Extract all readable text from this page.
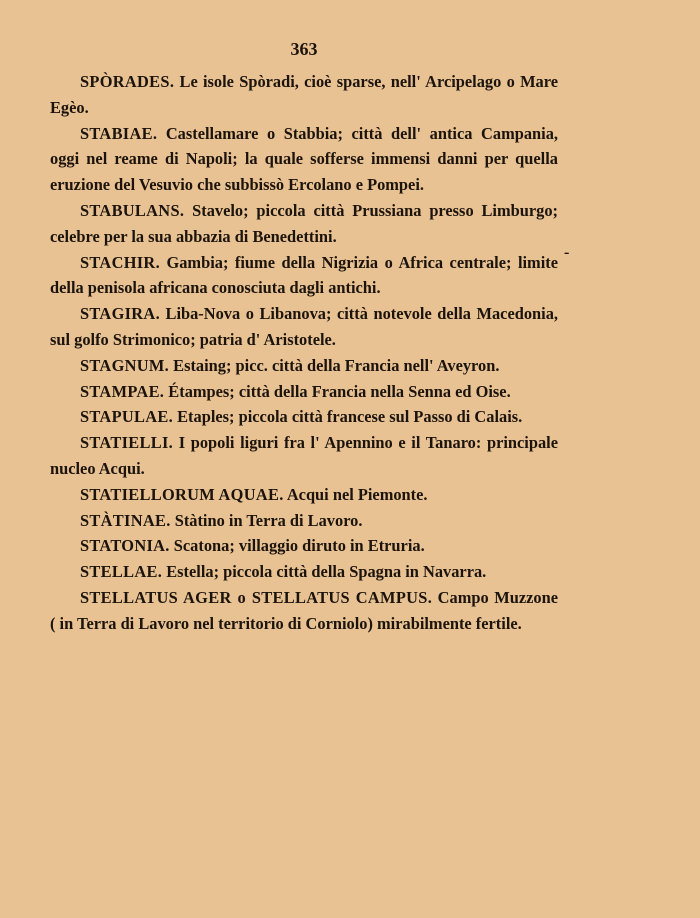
363

SPÒRADES. Le isole Spòradi, cioè sparse, nell' Arcipelago o Mare Egèo.

STABIAE. Castellamare o Stabbia; città dell' antica Campania, oggi nel reame di Napoli; la quale sofferse immensi danni per quella eruzione del Vesuvio che subbissò Ercolano e Pompei.

STABULANS. Stavelo; piccola città Prussiana presso Limburgo; celebre per la sua abbazia di Benedettini.

STACHIR. Gambia; fiume della Nigrizia o Africa centrale; limite della penisola africana conosciuta dagli antichi.

STAGIRA. Liba-Nova o Libanova; città notevole della Macedonia, sul golfo Strimonico; patria d' Aristotele.

STAGNUM. Estaing; picc. città della Francia nell' Aveyron.

STAMPAE. Étampes; città della Francia nella Senna ed Oise.

STAPULAE. Etaples; piccola città francese sul Passo di Calais.

STATIELLI. I popoli liguri fra l' Apennino e il Tanaro: principale nucleo Acqui.

STATIELLORUM AQUAE. Acqui nel Piemonte.

STÀTINAE. Stàtino in Terra di Lavoro.

STATONIA. Scatona; villaggio diruto in Etruria.

STELLAE. Estella; piccola città della Spagna in Navarra.

STELLATUS AGER o STELLATUS CAMPUS. Campo Muzzone ( in Terra di Lavoro nel territorio di Corniolo) mirabilmente fertile.

-
